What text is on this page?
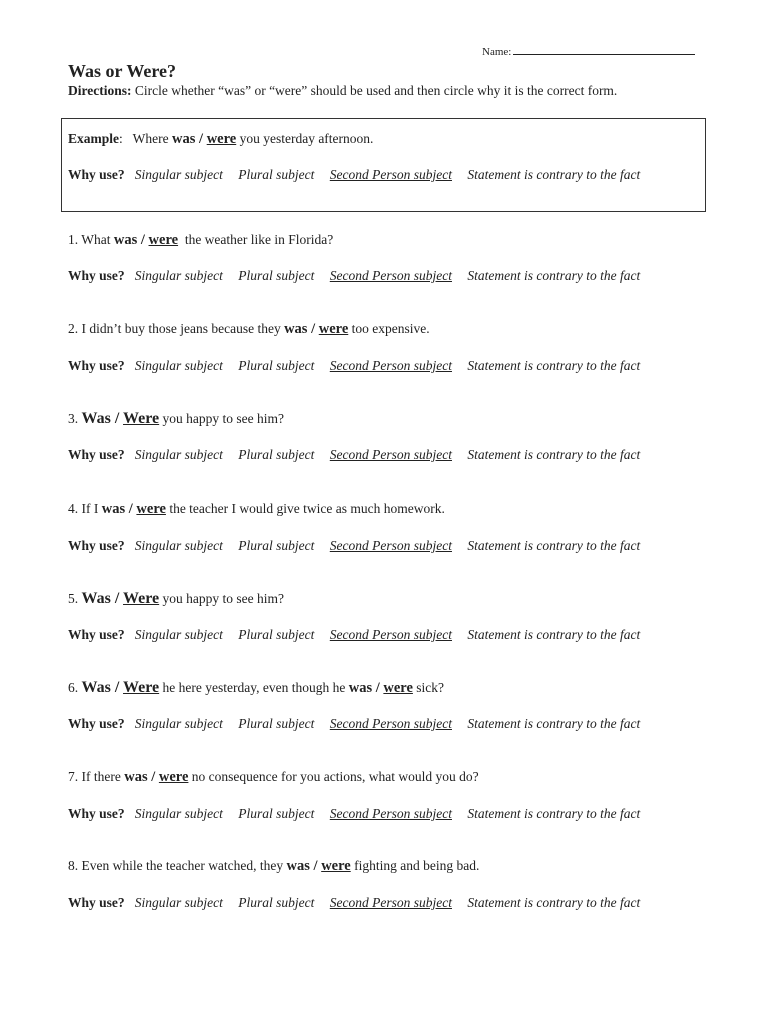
Name:
Was or Were?
Directions: Circle whether “was” or “were” should be used and then circle why it is the correct form.
Example: Where was / were you yesterday afternoon.
Why use? Singular subject Plural subject Second Person subject Statement is contrary to the fact
1. What was / were the weather like in Florida?
Why use? Singular subject Plural subject Second Person subject Statement is contrary to the fact
2. I didn’t buy those jeans because they was / were too expensive.
Why use? Singular subject Plural subject Second Person subject Statement is contrary to the fact
3. Was / Were you happy to see him?
Why use? Singular subject Plural subject Second Person subject Statement is contrary to the fact
4. If I was / were the teacher I would give twice as much homework.
Why use? Singular subject Plural subject Second Person subject Statement is contrary to the fact
5. Was / Were you happy to see him?
Why use? Singular subject Plural subject Second Person subject Statement is contrary to the fact
6. Was / Were he here yesterday, even though he was / were sick?
Why use? Singular subject Plural subject Second Person subject Statement is contrary to the fact
7. If there was / were no consequence for you actions, what would you do?
Why use? Singular subject Plural subject Second Person subject Statement is contrary to the fact
8. Even while the teacher watched, they was / were fighting and being bad.
Why use? Singular subject Plural subject Second Person subject Statement is contrary to the fact
